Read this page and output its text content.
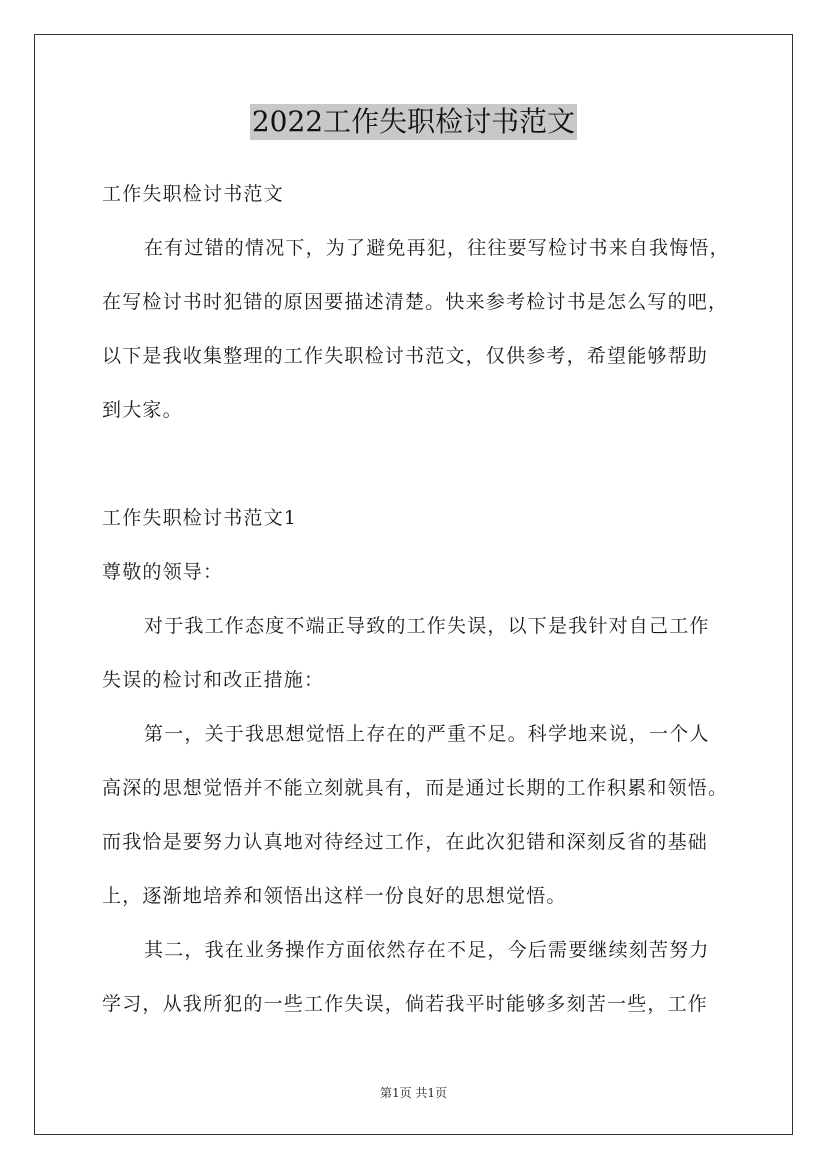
2022工作失职检讨书范文
工作失职检讨书范文
在有过错的情况下，为了避免再犯，往往要写检讨书来自我悔悟，
在写检讨书时犯错的原因要描述清楚。快来参考检讨书是怎么写的吧，
以下是我收集整理的工作失职检讨书范文，仅供参考，希望能够帮助
到大家。
工作失职检讨书范文1
尊敬的领导：
对于我工作态度不端正导致的工作失误，以下是我针对自己工作
失误的检讨和改正措施：
第一，关于我思想觉悟上存在的严重不足。科学地来说，一个人
高深的思想觉悟并不能立刻就具有，而是通过长期的工作积累和领悟。
而我恰是要努力认真地对待经过工作，在此次犯错和深刻反省的基础
上，逐渐地培养和领悟出这样一份良好的思想觉悟。
其二，我在业务操作方面依然存在不足，今后需要继续刻苦努力
学习，从我所犯的一些工作失误，倘若我平时能够多刻苦一些，工作
第1页 共1页
